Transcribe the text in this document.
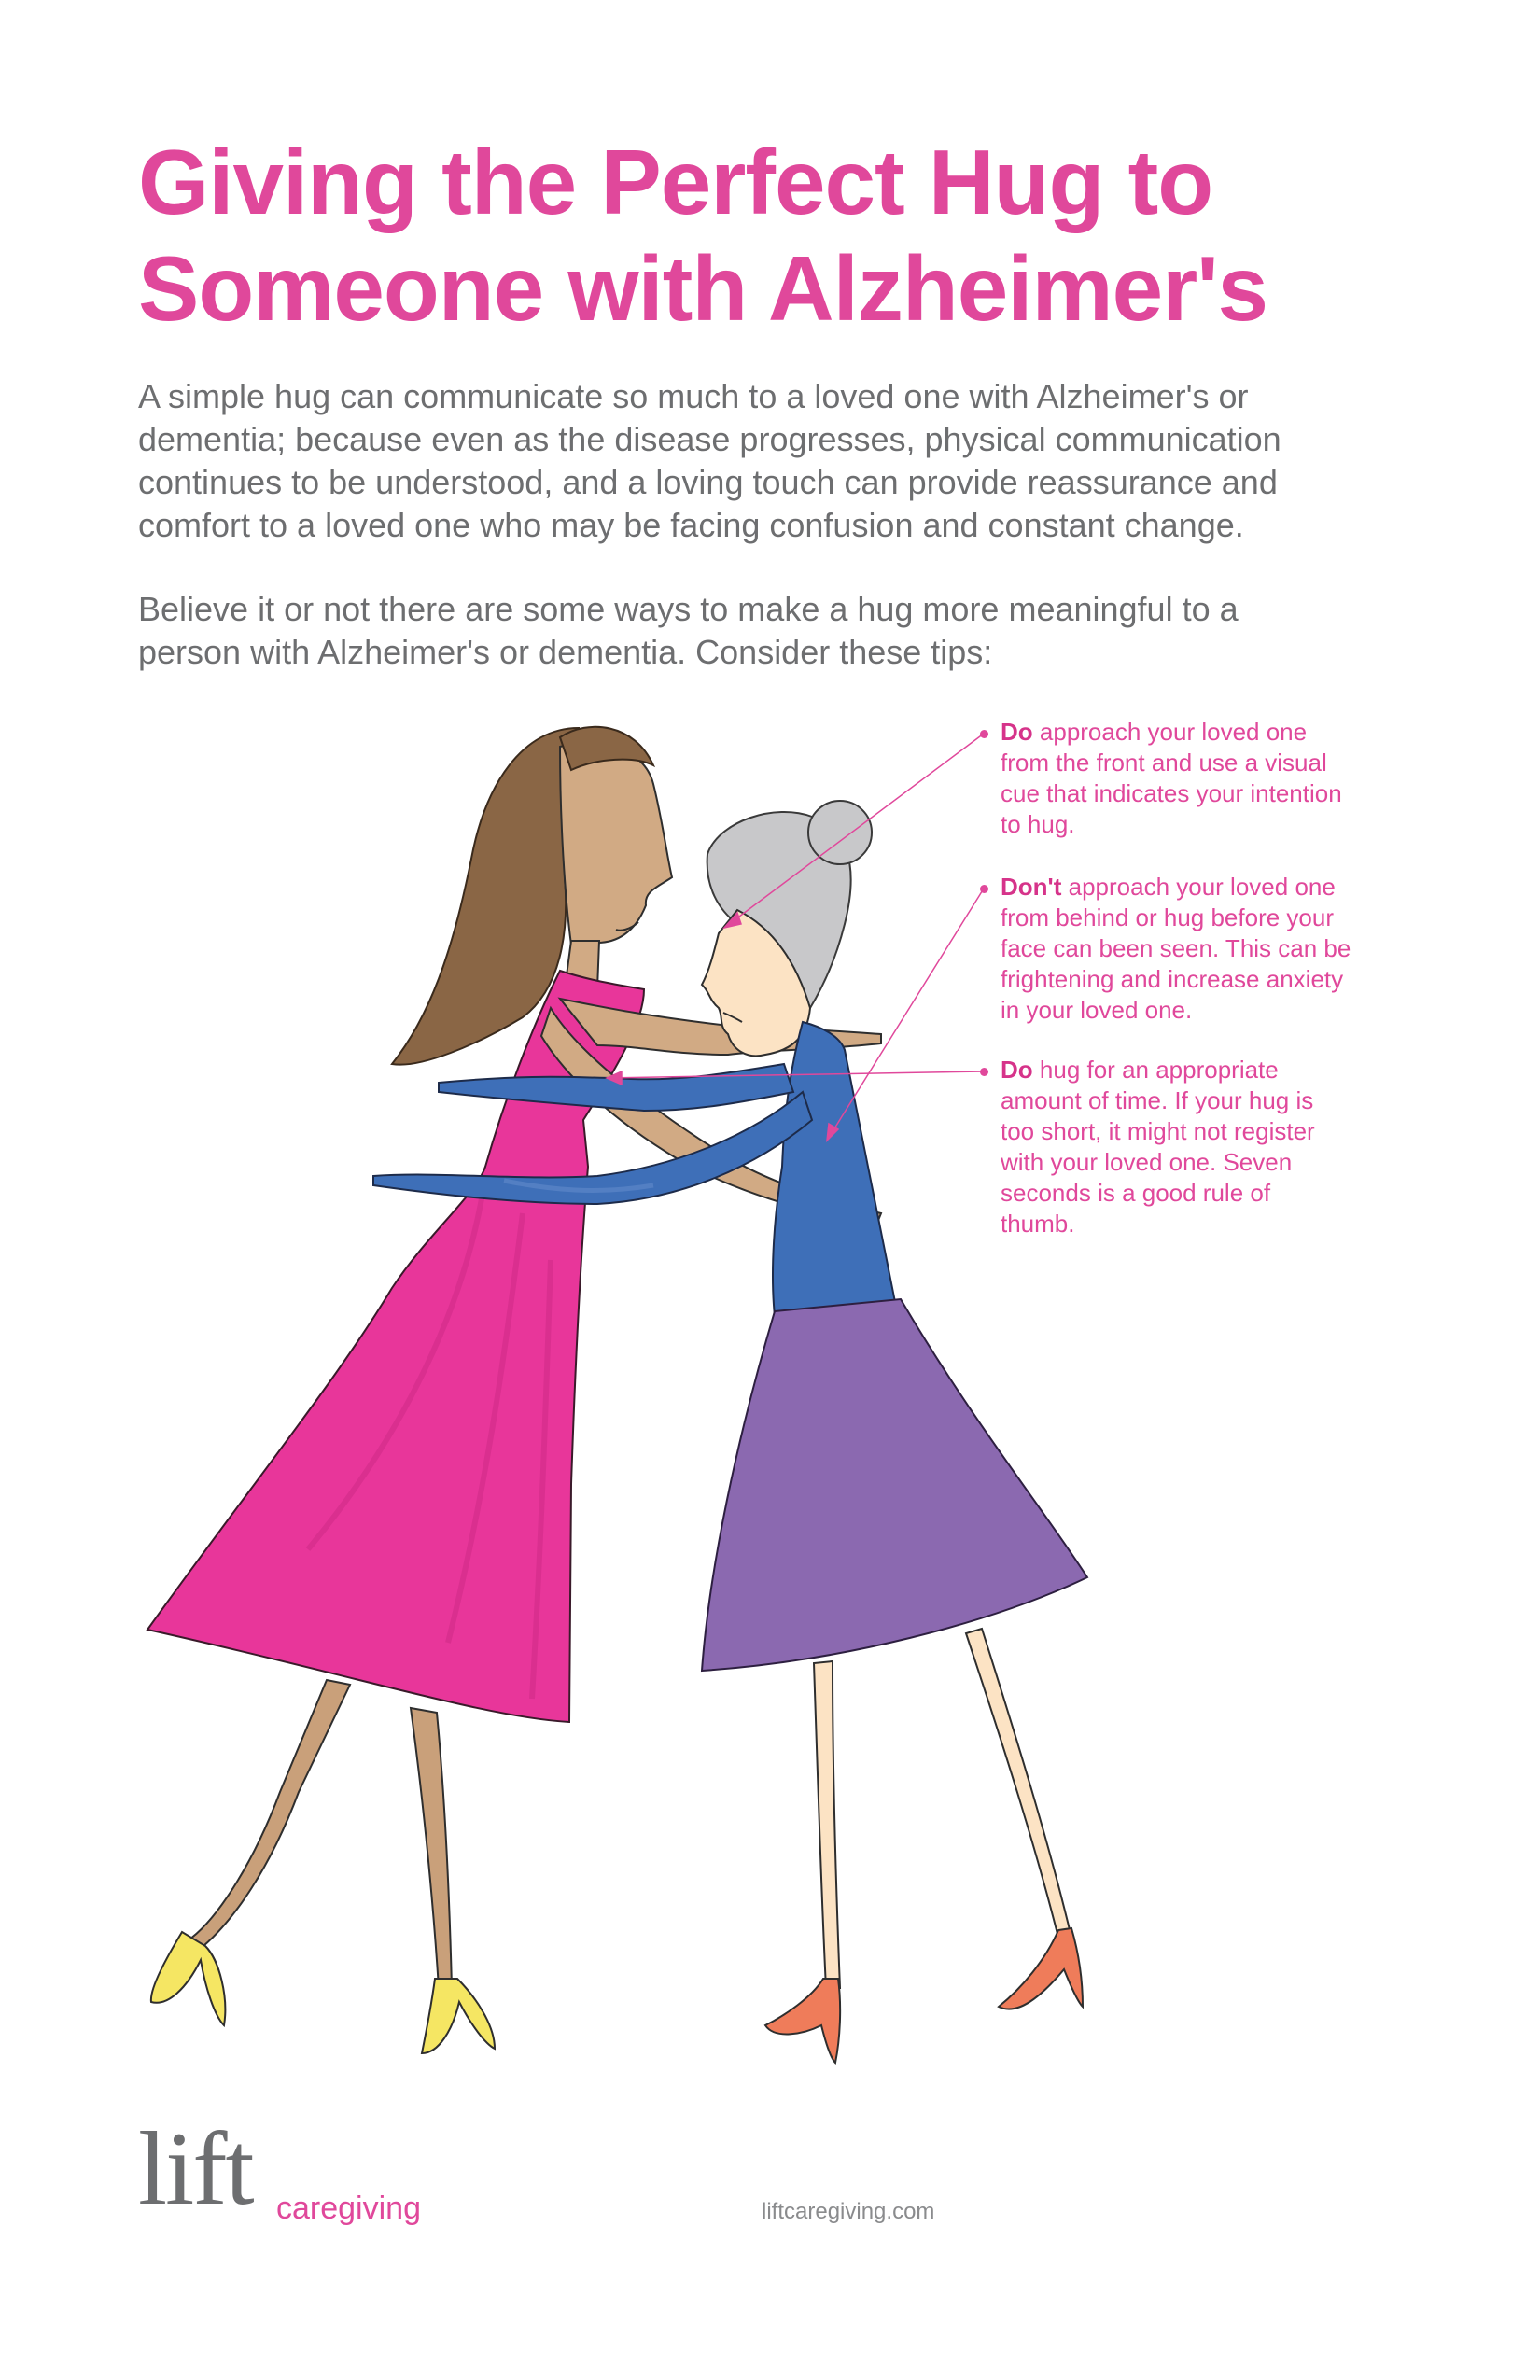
Giving the Perfect Hug to
Someone with Alzheimer's

A simple hug can communicate so much to a loved one with Alzheimer's or
dementia; because even as the disease progresses, physical communication
continues to be understood, and a loving touch can provide reassurance and
comfort to a loved one who may be facing confusion and constant change.

Believe it or not there are some ways to make a hug more meaningful to a
person with Alzheimer's or dementia. Consider these tips:

Do approach your loved one
from the front and use a visual
cue that indicates your intention
to hug.
Don't approach your loved one
from behind or hug before your
face can been seen. This can be
frightening and increase anxiety
in your loved one.
Do hug for an appropriate
amount of time. If your hug is
too short, it might not register
with your loved one. Seven
seconds is a good rule of
thumb.
lift caregiving	liftcaregiving.com
